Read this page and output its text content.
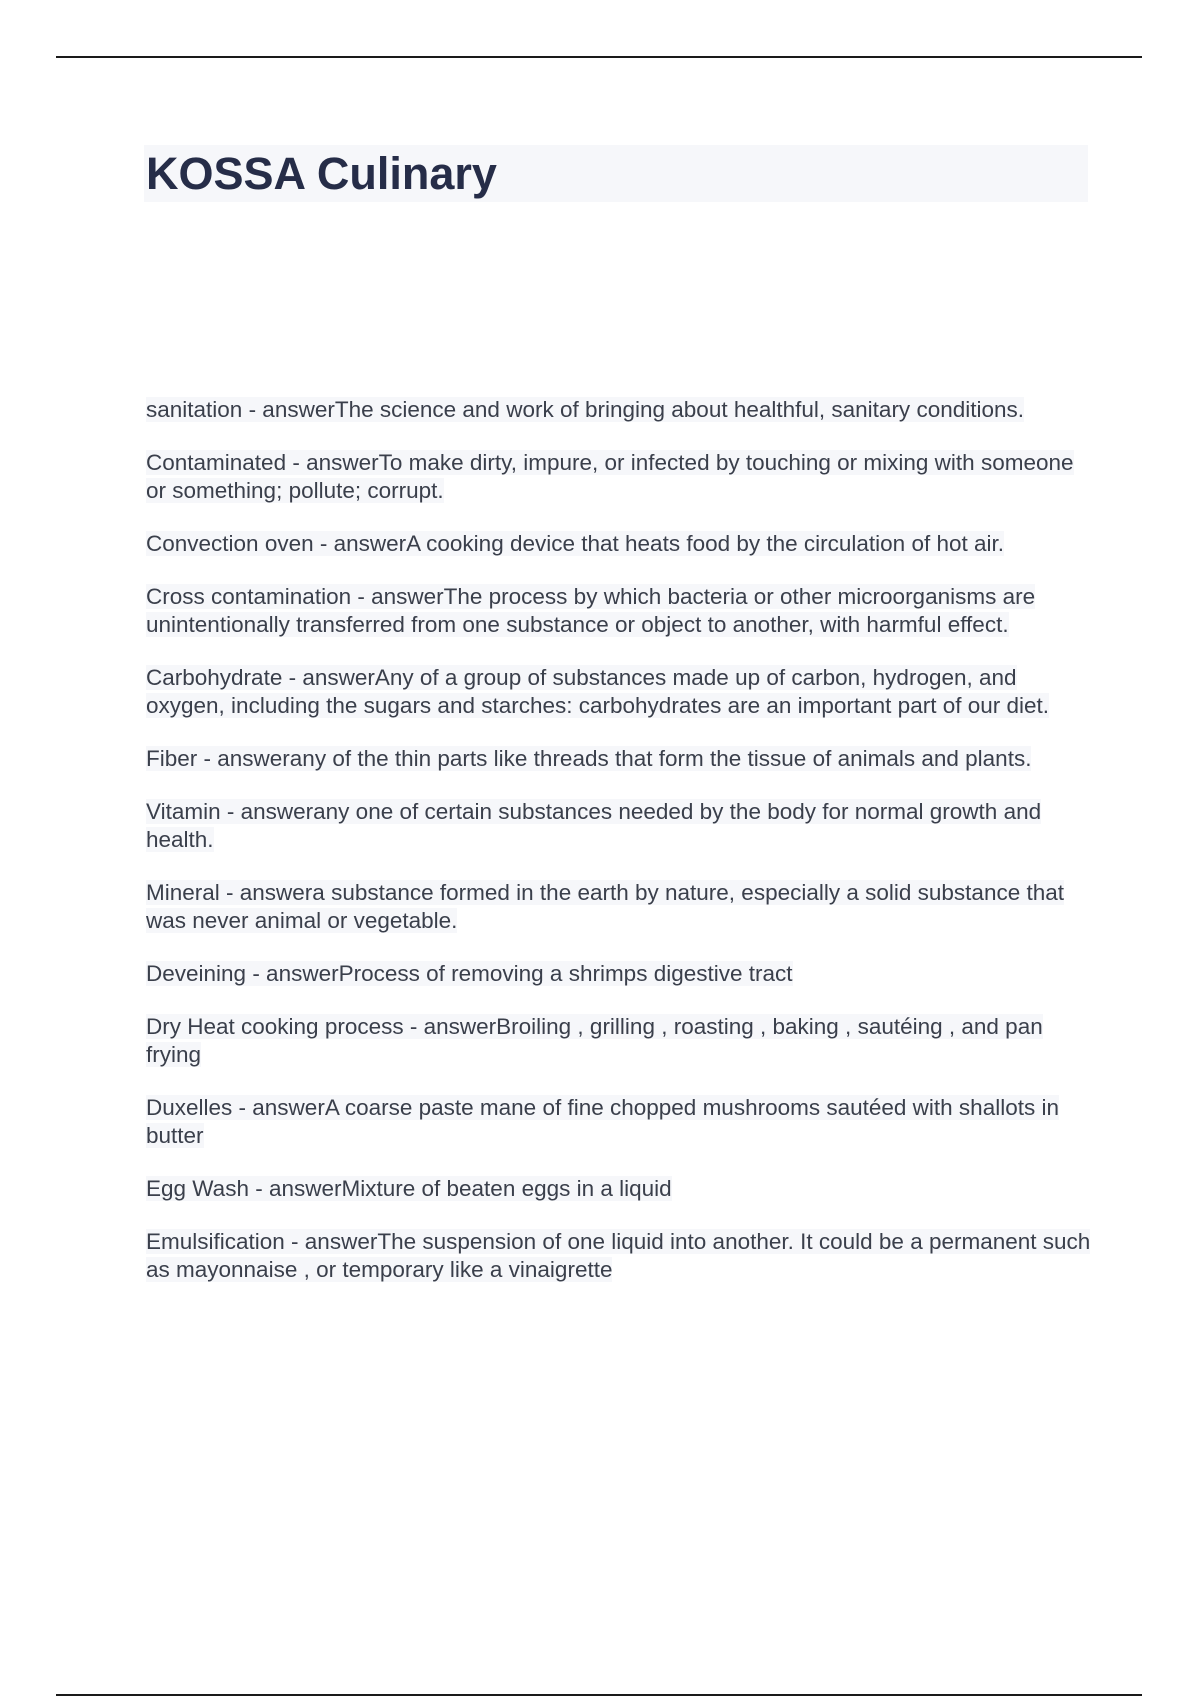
KOSSA Culinary

sanitation - answerThe science and work of bringing about healthful, sanitary conditions.

Contaminated - answerTo make dirty, impure, or infected by touching or mixing with someone or something; pollute; corrupt.

Convection oven - answerA cooking device that heats food by the circulation of hot air.

Cross contamination - answerThe process by which bacteria or other microorganisms are unintentionally transferred from one substance or object to another, with harmful effect.

Carbohydrate - answerAny of a group of substances made up of carbon, hydrogen, and oxygen, including the sugars and starches: carbohydrates are an important part of our diet.

Fiber - answerany of the thin parts like threads that form the tissue of animals and plants.

Vitamin - answerany one of certain substances needed by the body for normal growth and health.

Mineral - answera substance formed in the earth by nature, especially a solid substance that was never animal or vegetable.

Deveining - answerProcess of removing a shrimps digestive tract

Dry Heat cooking process - answerBroiling , grilling , roasting , baking , sautéing , and pan frying

Duxelles - answerA coarse paste mane of fine chopped mushrooms sautéed with shallots in butter

Egg Wash - answerMixture of beaten eggs in a liquid

Emulsification - answerThe suspension of one liquid into another. It could be a permanent such as mayonnaise , or temporary like a vinaigrette
